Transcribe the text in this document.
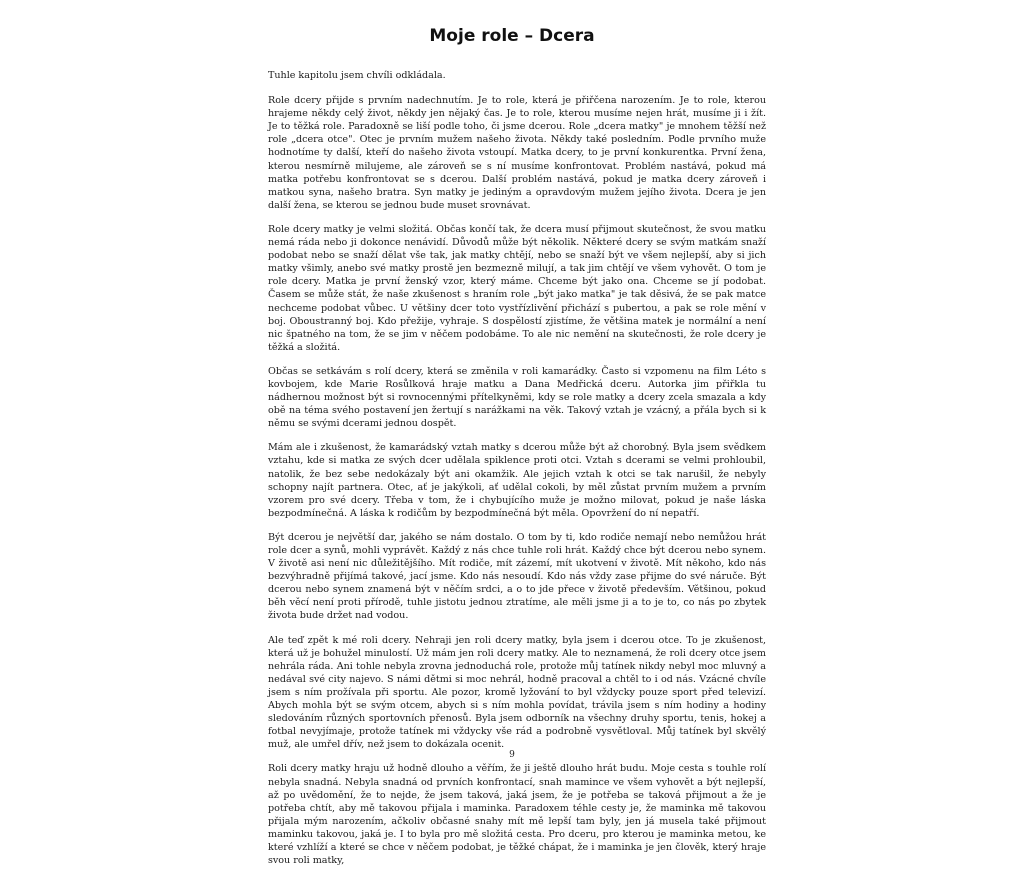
Moje role – Dcera

Tuhle kapitolu jsem chvíli odkládala.

Role dcery přijde s prvním nadechnutím. Je to role, která je přiřčena narozením. Je to role, kterou hrajeme někdy celý život, někdy jen nějaký čas. Je to role, kterou musíme nejen hrát, musíme ji i žít. Je to těžká role. Paradoxně se liší podle toho, či jsme dcerou. Role „dcera matky" je mnohem těžší než role „dcera otce". Otec je prvním mužem našeho života. Někdy také posledním. Podle prvního muže hodnotíme ty další, kteří do našeho života vstoupí. Matka dcery, to je první konkurentka. První žena, kterou nesmírně milujeme, ale zároveň se s ní musíme konfrontovat. Problém nastává, pokud má matka potřebu konfrontovat se s dcerou. Další problém nastává, pokud je matka dcery zároveň i matkou syna, našeho bratra. Syn matky je jediným a opravdovým mužem jejího života. Dcera je jen další žena, se kterou se jednou bude muset srovnávat.

Role dcery matky je velmi složitá. Občas končí tak, že dcera musí přijmout skutečnost, že svou matku nemá ráda nebo ji dokonce nenávidí. Důvodů může být několik. Některé dcery se svým matkám snaží podobat nebo se snaží dělat vše tak, jak matky chtějí, nebo se snaží být ve všem nejlepší, aby si jich matky všimly, anebo své matky prostě jen bezmezně milují, a tak jim chtějí ve všem vyhovět. O tom je role dcery. Matka je první ženský vzor, který máme. Chceme být jako ona. Chceme se jí podobat. Časem se může stát, že naše zkušenost s hraním role „být jako matka" je tak děsivá, že se pak matce nechceme podobat vůbec. U většiny dcer toto vystřízlivění přichází s pubertou, a pak se role mění v boj. Oboustranný boj. Kdo přežije, vyhraje. S dospělostí zjistíme, že většina matek je normální a není nic špatného na tom, že se jim v něčem podobáme. To ale nic nemění na skutečnosti, že role dcery je těžká a složitá.

Občas se setkávám s rolí dcery, která se změnila v roli kamarádky. Často si vzpomenu na film Léto s kovbojem, kde Marie Rosůlková hraje matku a Dana Medřická dceru. Autorka jim přiřkla tu nádhernou možnost být si rovnocennými přítelkyněmi, kdy se role matky a dcery zcela smazala a kdy obě na téma svého postavení jen žertují s narážkami na věk. Takový vztah je vzácný, a přála bych si k němu se svými dcerami jednou dospět.

Mám ale i zkušenost, že kamarádský vztah matky s dcerou může být až chorobný. Byla jsem svědkem vztahu, kde si matka ze svých dcer udělala spiklence proti otci. Vztah s dcerami se velmi prohloubil, natolik, že bez sebe nedokázaly být ani okamžik. Ale jejich vztah k otci se tak narušil, že nebyly schopny najít partnera. Otec, ať je jakýkoli, ať udělal cokoli, by měl zůstat prvním mužem a prvním vzorem pro své dcery. Třeba v tom, že i chybujícího muže je možno milovat, pokud je naše láska bezpodmínečná. A láska k rodičům by bezpodmínečná být měla. Opovržení do ní nepatří.

Být dcerou je největší dar, jakého se nám dostalo. O tom by ti, kdo rodiče nemají nebo nemůžou hrát role dcer a synů, mohli vyprávět. Každý z nás chce tuhle roli hrát. Každý chce být dcerou nebo synem. V životě asi není nic důležitějšího. Mít rodiče, mít zázemí, mít ukotvení v životě. Mít někoho, kdo nás bezvýhradně přijímá takové, jací jsme. Kdo nás nesoudí. Kdo nás vždy zase přijme do své náruče. Být dcerou nebo synem znamená být v něčím srdci, a o to jde přece v životě především. Většinou, pokud běh věcí není proti přírodě, tuhle jistotu jednou ztratíme, ale měli jsme ji a to je to, co nás po zbytek života bude držet nad vodou.

Ale teď zpět k mé roli dcery. Nehraji jen roli dcery matky, byla jsem i dcerou otce. To je zkušenost, která už je bohužel minulostí. Už mám jen roli dcery matky. Ale to neznamená, že roli dcery otce jsem nehrála ráda. Ani tohle nebyla zrovna jednoduchá role, protože můj tatínek nikdy nebyl moc mluvný a nedával své city najevo. S námi dětmi si moc nehrál, hodně pracoval a chtěl to i od nás. Vzácné chvíle jsem s ním prožívala při sportu. Ale pozor, kromě lyžování to byl vždycky pouze sport před televizí. Abych mohla být se svým otcem, abych si s ním mohla povídat, trávila jsem s ním hodiny a hodiny sledováním různých sportovních přenosů. Byla jsem odborník na všechny druhy sportu, tenis, hokej a fotbal nevyjímaje, protože tatínek mi vždycky vše rád a podrobně vysvětloval. Můj tatínek byl skvělý muž, ale umřel dřív, než jsem to dokázala ocenit.

Roli dcery matky hraju už hodně dlouho a věřím, že ji ještě dlouho hrát budu. Moje cesta s touhle rolí nebyla snadná. Nebyla snadná od prvních konfrontací, snah mamince ve všem vyhovět a být nejlepší, až po uvědomění, že to nejde, že jsem taková, jaká jsem, že je potřeba se taková přijmout a že je potřeba chtít, aby mě takovou přijala i maminka. Paradoxem téhle cesty je, že maminka mě takovou přijala mým narozením, ačkoliv občasné snahy mít mě lepší tam byly, jen já musela také přijmout maminku takovou, jaká je. I to byla pro mě složitá cesta. Pro dceru, pro kterou je maminka metou, ke které vzhlíží a které se chce v něčem podobat, je těžké chápat, že i maminka je jen člověk, který hraje svou roli matky,

9
